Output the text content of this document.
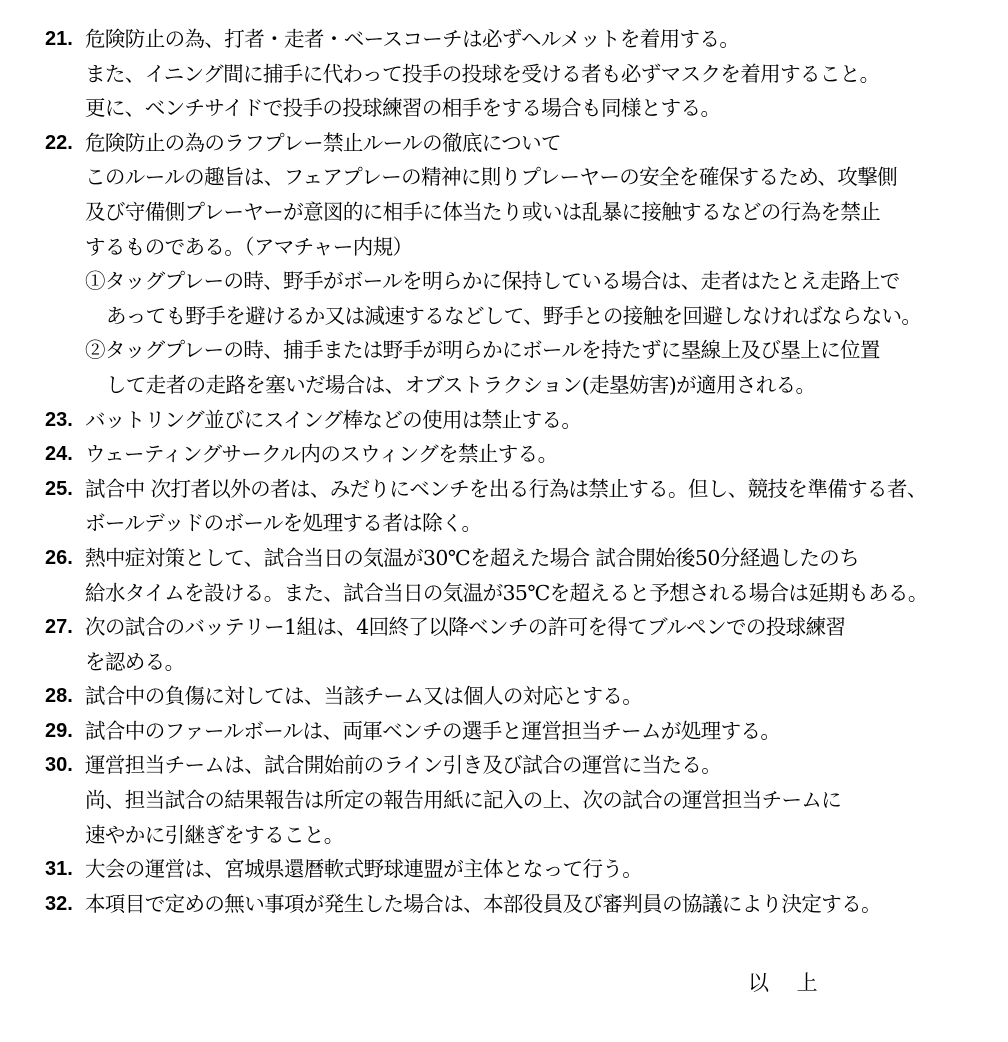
21. 危険防止の為、打者・走者・ベースコーチは必ずヘルメットを着用する。
また、イニング間に捕手に代わって投手の投球を受ける者も必ずマスクを着用すること。
更に、ベンチサイドで投手の投球練習の相手をする場合も同様とする。
22. 危険防止の為のラフプレー禁止ルールの徹底について
このルールの趣旨は、フェアプレーの精神に則りプレーヤーの安全を確保するため、攻撃側
及び守備側プレーヤーが意図的に相手に体当たり或いは乱暴に接触するなどの行為を禁止
するものである。（アマチャー内規）
①タッグプレーの時、野手がボールを明らかに保持している場合は、走者はたとえ走路上で
あっても野手を避けるか又は減速するなどして、野手との接触を回避しなければならない。
②タッグプレーの時、捕手または野手が明らかにボールを持たずに塁線上及び塁上に位置
して走者の走路を塞いだ場合は、オブストラクション(走塁妨害)が適用される。
23. バットリング並びにスイング棒などの使用は禁止する。
24. ウェーティングサークル内のスウィングを禁止する。
25. 試合中 次打者以外の者は、みだりにベンチを出る行為は禁止する。但し、競技を準備する者、
ボールデッドのボールを処理する者は除く。
26. 熱中症対策として、試合当日の気温が30℃を超えた場合 試合開始後50分経過したのち
給水タイムを設ける。また、試合当日の気温が35℃を超えると予想される場合は延期もある。
27. 次の試合のバッテリー1組は、4回終了以降ベンチの許可を得てブルペンでの投球練習
を認める。
28. 試合中の負傷に対しては、当該チーム又は個人の対応とする。
29. 試合中のファールボールは、両軍ベンチの選手と運営担当チームが処理する。
30. 運営担当チームは、試合開始前のライン引き及び試合の運営に当たる。
尚、担当試合の結果報告は所定の報告用紙に記入の上、次の試合の運営担当チームに
速やかに引継ぎをすること。
31. 大会の運営は、宮城県還暦軟式野球連盟が主体となって行う。
32. 本項目で定めの無い事項が発生した場合は、本部役員及び審判員の協議により決定する。
以　 上
